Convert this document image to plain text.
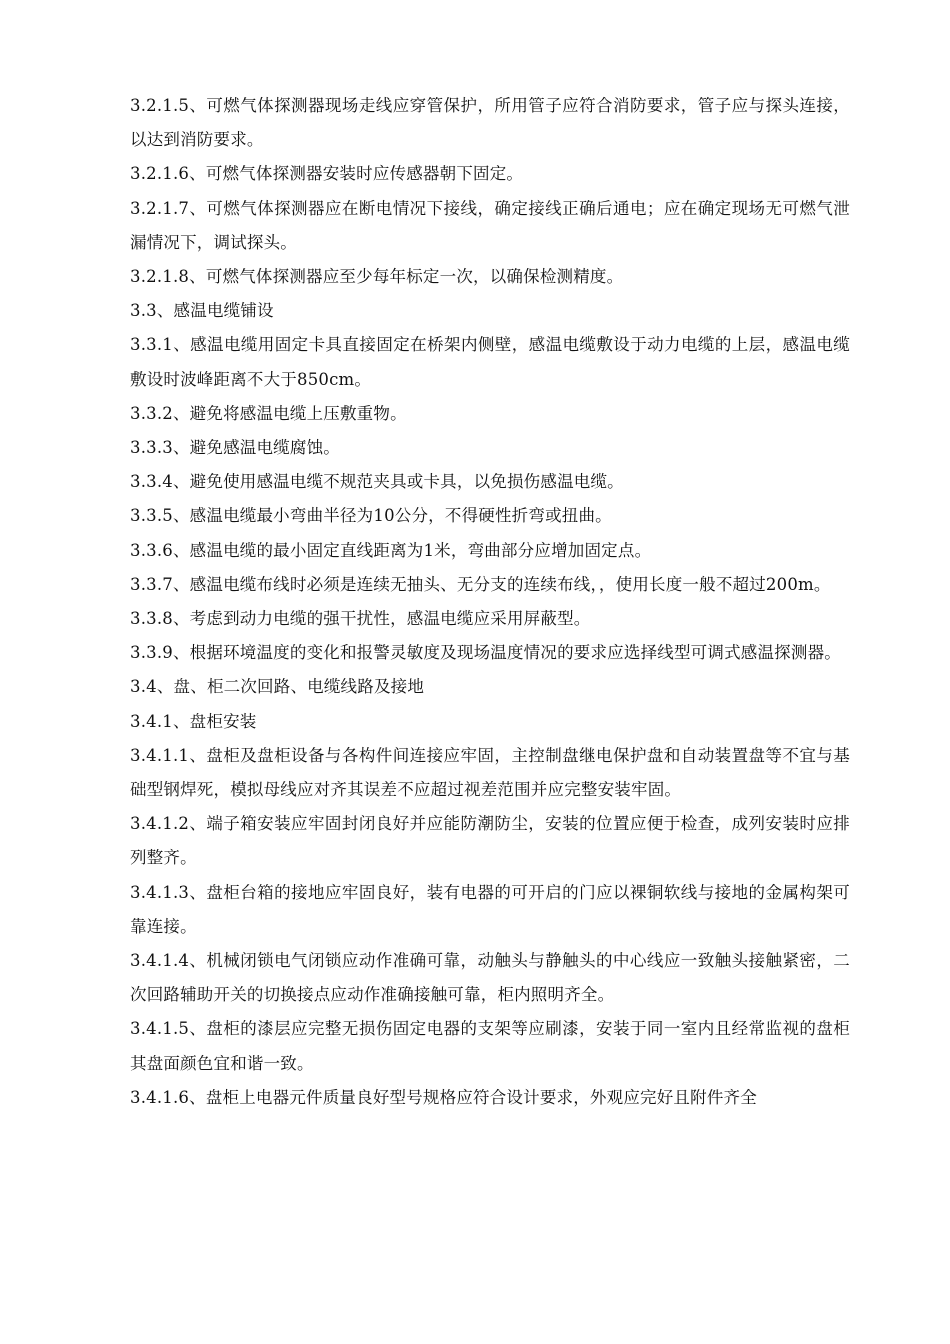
3.2.1.5、可燃气体探测器现场走线应穿管保护，所用管子应符合消防要求，管子应与探头连接，以达到消防要求。

3.2.1.6、可燃气体探测器安装时应传感器朝下固定。

3.2.1.7、可燃气体探测器应在断电情况下接线，确定接线正确后通电；应在确定现场无可燃气泄漏情况下，调试探头。

3.2.1.8、可燃气体探测器应至少每年标定一次，以确保检测精度。

3.3、感温电缆铺设

3.3.1、感温电缆用固定卡具直接固定在桥架内侧壁，感温电缆敷设于动力电缆的上层，感温电缆敷设时波峰距离不大于850cm。

3.3.2、避免将感温电缆上压敷重物。

3.3.3、避免感温电缆腐蚀。

3.3.4、避免使用感温电缆不规范夹具或卡具，以免损伤感温电缆。

3.3.5、感温电缆最小弯曲半径为10公分，不得硬性折弯或扭曲。

3.3.6、感温电缆的最小固定直线距离为1米，弯曲部分应增加固定点。

3.3.7、感温电缆布线时必须是连续无抽头、无分支的连续布线，，使用长度一般不超过200m。

3.3.8、考虑到动力电缆的强干扰性，感温电缆应采用屏蔽型。

3.3.9、根据环境温度的变化和报警灵敏度及现场温度情况的要求应选择线型可调式感温探测器。

3.4、盘、柜二次回路、电缆线路及接地

3.4.1、盘柜安装

3.4.1.1、盘柜及盘柜设备与各构件间连接应牢固，主控制盘继电保护盘和自动装置盘等不宜与基础型钢焊死，模拟母线应对齐其误差不应超过视差范围并应完整安装牢固。

3.4.1.2、端子箱安装应牢固封闭良好并应能防潮防尘，安装的位置应便于检查，成列安装时应排列整齐。

3.4.1.3、盘柜台箱的接地应牢固良好，装有电器的可开启的门应以裸铜软线与接地的金属构架可靠连接。

3.4.1.4、机械闭锁电气闭锁应动作准确可靠，动触头与静触头的中心线应一致触头接触紧密，二次回路辅助开关的切换接点应动作准确接触可靠，柜内照明齐全。

3.4.1.5、盘柜的漆层应完整无损伤固定电器的支架等应刷漆，安装于同一室内且经常监视的盘柜其盘面颜色宜和谐一致。

3.4.1.6、盘柜上电器元件质量良好型号规格应符合设计要求，外观应完好且附件齐全
